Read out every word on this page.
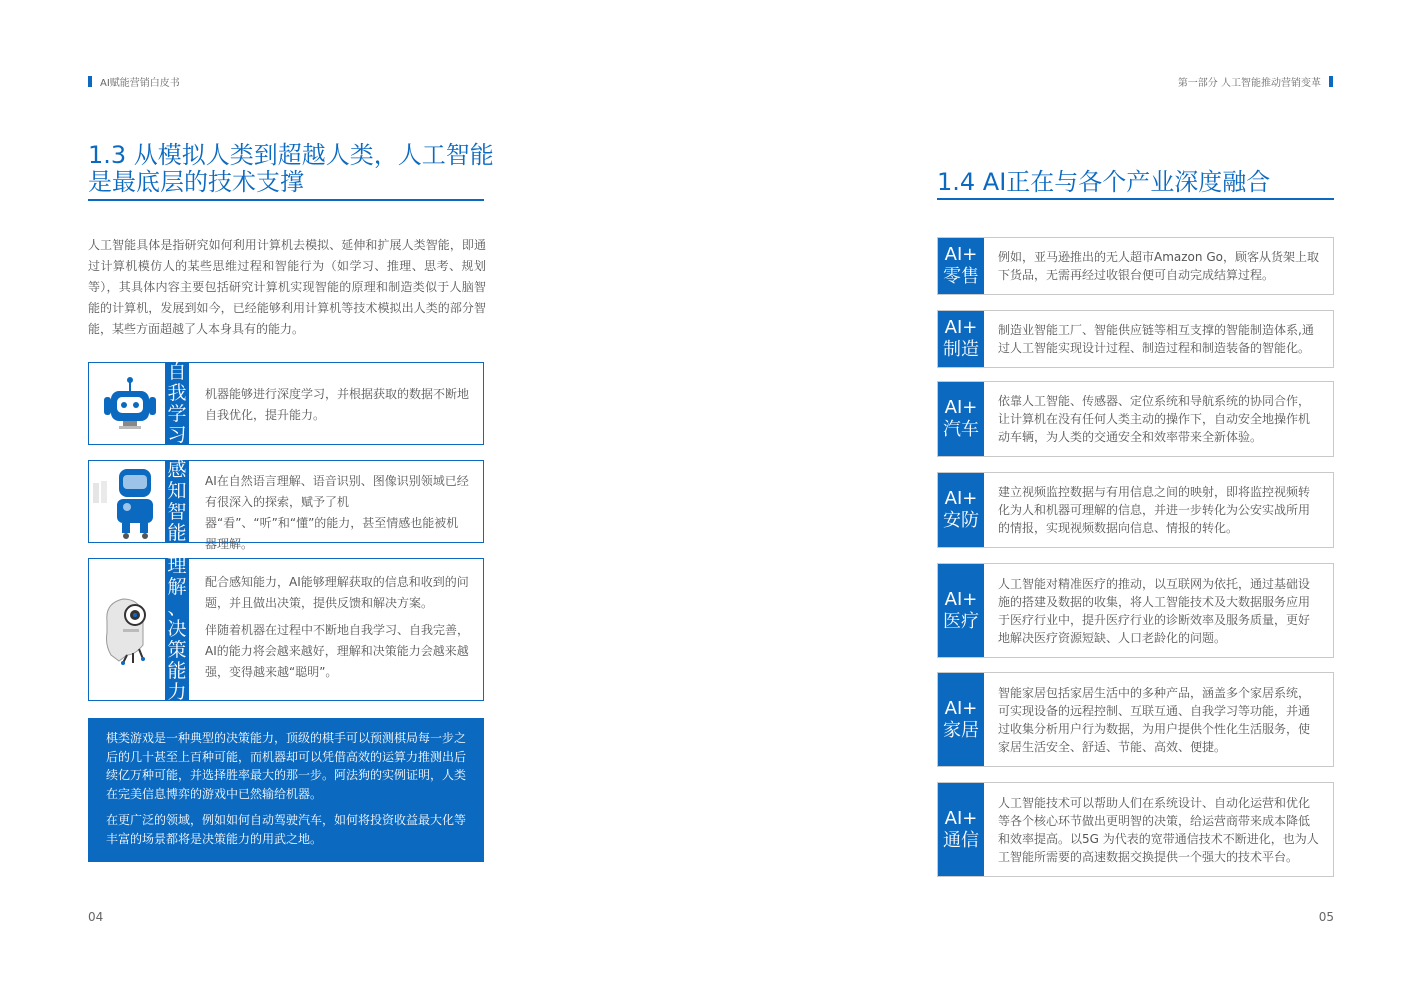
AI赋能营销白皮书	第一部分 人工智能推动营销变革
1.3 从模拟人类到超越人类，人工智能
是最底层的技术支撑

人工智能具体是指研究如何利用计算机去模拟、延伸和扩展人类智能，即通过计算机模仿人的某些思维过程和智能行为（如学习、推理、思考、规划等），其具体内容主要包括研究计算机实现智能的原理和制造类似于人脑智能的计算机，发展到如今，已经能够利用计算机等技术模拟出人类的部分智能，某些方面超越了人本身具有的能力。

自
我
学
习

机器能够进行深度学习，并根据获取的数据不断地自我优化，提升能力。

感
知
智
能

AI在自然语言理解、语音识别、图像识别领域已经有很深入的探索，赋予了机器“看”、“听”和“懂”的能力，甚至情感也能被机器理解。

理
解
、
决
策
能
力

配合感知能力，AI能够理解获取的信息和收到的问题，并且做出决策，提供反馈和解决方案。

伴随着机器在过程中不断地自我学习、自我完善，AI的能力将会越来越好，理解和决策能力会越来越强，变得越来越“聪明”。

棋类游戏是一种典型的决策能力，顶级的棋手可以预测棋局每一步之后的几十甚至上百种可能，而机器却可以凭借高效的运算力推测出后续亿万种可能，并选择胜率最大的那一步。阿法狗的实例证明，人类在完美信息博弈的游戏中已然输给机器。

在更广泛的领域，例如如何自动驾驶汽车，如何将投资收益最大化等丰富的场景都将是决策能力的用武之地。

04
1.4 AI正在与各个产业深度融合
AI+
零售

例如，亚马逊推出的无人超市Amazon Go，顾客从货架上取下货品，无需再经过收银台便可自动完成结算过程。

AI+
制造

制造业智能工厂、智能供应链等相互支撑的智能制造体系,通过人工智能实现设计过程、制造过程和制造装备的智能化。

AI+
汽车

依靠人工智能、传感器、定位系统和导航系统的协同合作，让计算机在没有任何人类主动的操作下，自动安全地操作机动车辆，为人类的交通安全和效率带来全新体验。

AI+
安防

建立视频监控数据与有用信息之间的映射，即将监控视频转化为人和机器可理解的信息，并进一步转化为公安实战所用的情报，实现视频数据向信息、情报的转化。

AI+
医疗

人工智能对精准医疗的推动，以互联网为依托，通过基础设施的搭建及数据的收集，将人工智能技术及大数据服务应用于医疗行业中，提升医疗行业的诊断效率及服务质量，更好地解决医疗资源短缺、人口老龄化的问题。

AI+
家居

智能家居包括家居生活中的多种产品，涵盖多个家居系统，可实现设备的远程控制、互联互通、自我学习等功能，并通过收集分析用户行为数据，为用户提供个性化生活服务，使家居生活安全、舒适、节能、高效、便捷。

AI+
通信

人工智能技术可以帮助人们在系统设计、自动化运营和优化等各个核心环节做出更明智的决策，给运营商带来成本降低和效率提高。以5G 为代表的宽带通信技术不断进化，也为人工智能所需要的高速数据交换提供一个强大的技术平台。

05
